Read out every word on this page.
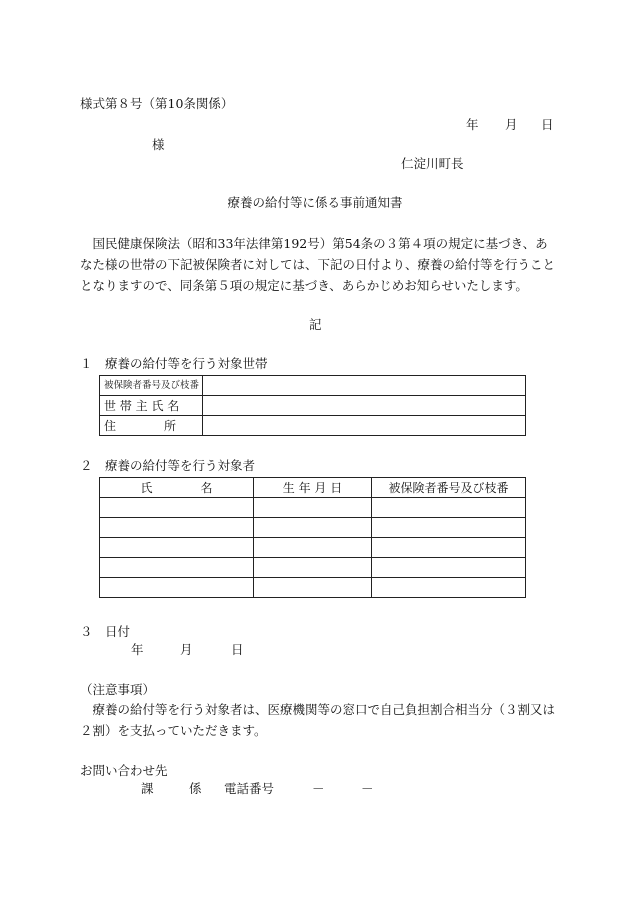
様式第８号（第10条関係）
年 月 日
様
仁淀川町長
療養の給付等に係る事前通知書
　国民健康保険法（昭和33年法律第192号）第54条の３第４項の規定に基づき、あなた様の世帯の下記被保険者に対しては、下記の日付より、療養の給付等を行うこととなりますので、同条第５項の規定に基づき、あらかじめお知らせいたします。
記
１　療養の給付等を行う対象世帯
被保険者番号及び枝番	
世 帯 主 氏 名	
住　　　　所	
２　療養の給付等を行う対象者
氏　　　　名	生 年 月 日	被保険者番号及び枝番

３　日付
年	月	日
（注意事項）
　療養の給付等を行う対象者は、医療機関等の窓口で自己負担割合相当分（３割又は２割）を支払っていただきます。
お問い合わせ先
課	係 電話番号	－	－
